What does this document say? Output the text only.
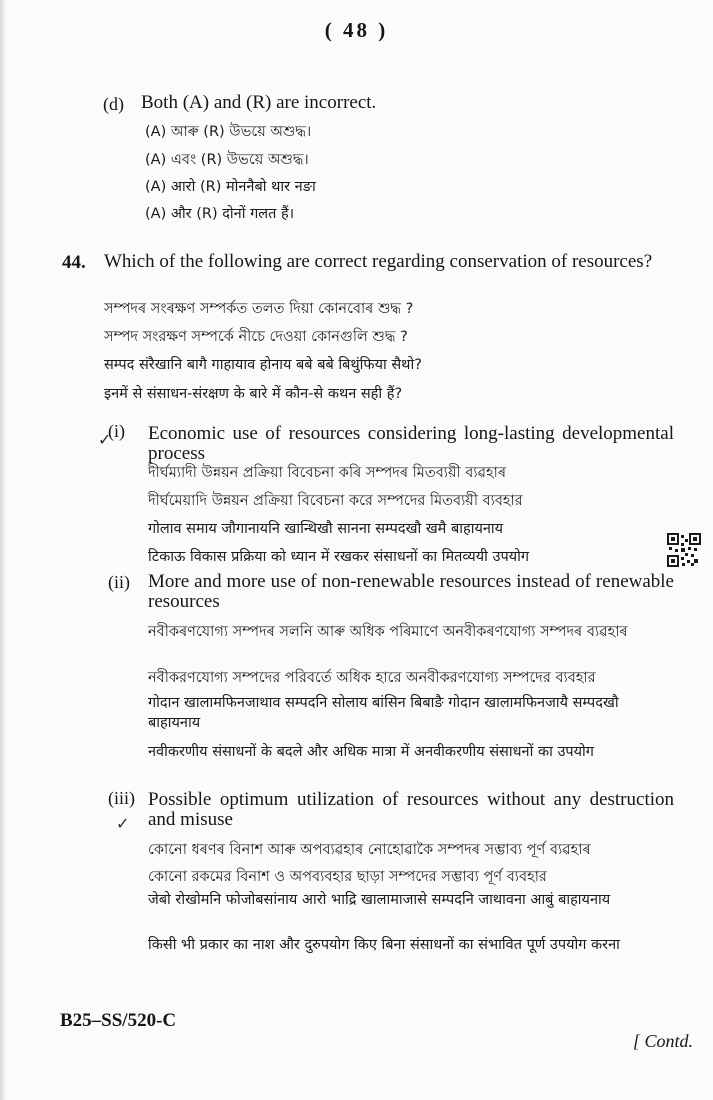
( 48 )

(d) Both (A) and (R) are incorrect.
(A) আৰু (R) উভয়ে অশুদ্ধ।
(A) এবং (R) উভয়ে অশুদ্ধ।
(A) आरो (R) मोननैबो थार नङा
(A) और (R) दोनों गलत हैं।
44. Which of the following are correct regarding conservation of resources?

সম্পদৰ সংৰক্ষণ সম্পৰ্কত তলত দিয়া কোনবোৰ শুদ্ধ ?
সম্পদ সংরক্ষণ সম্পর্কে নীচে দেওয়া কোনগুলি শুদ্ধ ?
सम्पद संरैखानि बागै गाहायाव होनाय बबे बबे बिथुंफिया सैथो?
इनमें से संसाधन-संरक्षण के बारे में कौन-से कथन सही हैं?
✓
(i) Economic use of resources considering long-lasting developmental process

দীৰ্ঘম্যাদী উন্নয়ন প্ৰক্ৰিয়া বিবেচনা কৰি সম্পদৰ মিতব্যয়ী ব্যৱহাৰ
দীর্ঘমেয়াদি উন্নয়ন প্রক্রিয়া বিবেচনা করে সম্পদের মিতব্যয়ী ব্যবহার
गोलाव समाय जौगानायनि खान्थिखौ सानना सम्पदखौ खमै बाहायनाय
टिकाऊ विकास प्रक्रिया को ध्यान में रखकर संसाधनों का मितव्ययी उपयोग
(ii) More and more use of non-renewable resources instead of renewable resources

নবীকৰণযোগ্য সম্পদৰ সলনি আৰু অধিক পৰিমাণে অনবীকৰণযোগ্য সম্পদৰ ব্যৱহাৰ

নবীকরণযোগ্য সম্পদের পরিবর্তে অধিক হারে অনবীকরণযোগ্য সম্পদের ব্যবহার

गोदान खालामफिनजाथाव सम्पदनि सोलाय बांसिन बिबाङै गोदान खालामफिनजायै सम्पदखौ बाहायनाय

नवीकरणीय संसाधनों के बदले और अधिक मात्रा में अनवीकरणीय संसाधनों का उपयोग

(iii) Possible optimum utilization of resources without any destruction and misuse

✓
কোনো ধৰণৰ বিনাশ আৰু অপব্যৱহাৰ নোহোৱাকৈ সম্পদৰ সম্ভাব্য পূৰ্ণ ব্যৱহাৰ
কোনো রকমের বিনাশ ও অপব্যবহার ছাড়া সম্পদের সম্ভাব্য পূর্ণ ব্যবহার

जेबो रोखोमनि फोजोबसांनाय आरो भाद्रि खालामाजासे सम्पदनि जाथावना आबुं बाहायनाय

किसी भी प्रकार का नाश और दुरुपयोग किए बिना संसाधनों का संभावित पूर्ण उपयोग करना

B25–SS/520-C
[ Contd.
